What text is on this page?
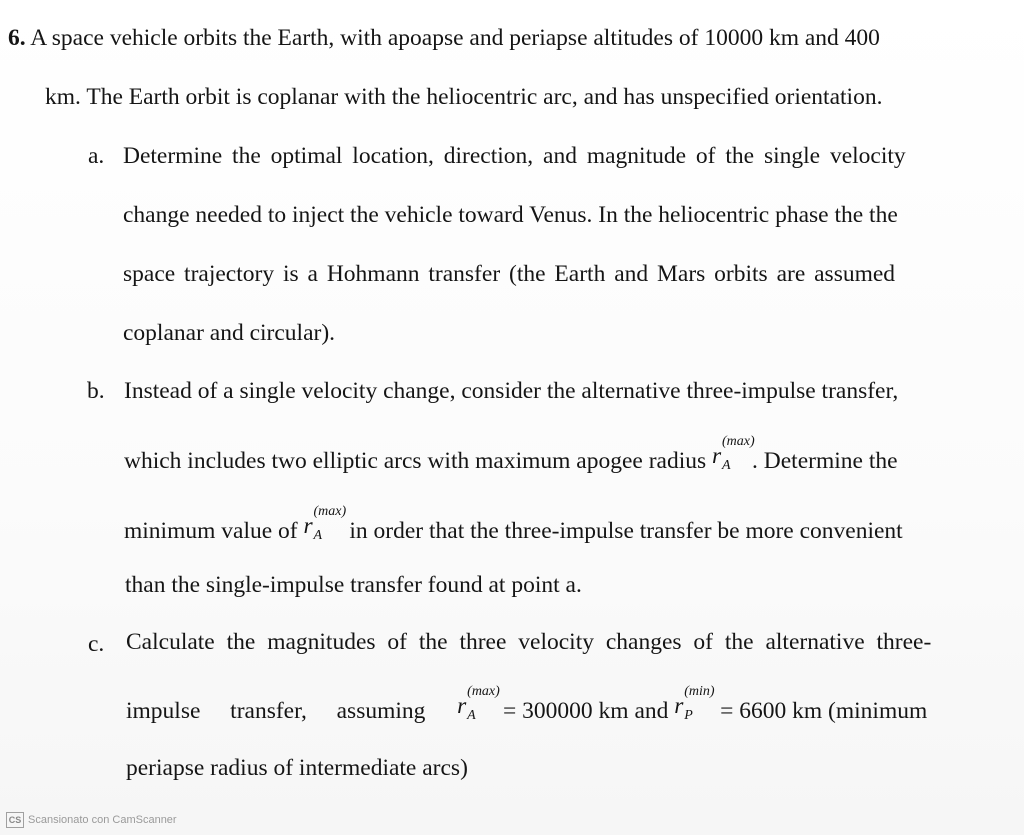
6. A space vehicle orbits the Earth, with apoapse and periapse altitudes of 10000 km and 400
km. The Earth orbit is coplanar with the heliocentric arc, and has unspecified orientation.
a. Determine the optimal location, direction, and magnitude of the single velocity
change needed to inject the vehicle toward Venus. In the heliocentric phase the the
space trajectory is a Hohmann transfer (the Earth and Mars orbits are assumed
coplanar and circular).
b. Instead of a single velocity change, consider the alternative three-impulse transfer,
which includes two elliptic arcs with maximum apogee radius r
(max)
A . Determine the
minimum value of r
(max)
A in order that the three-impulse transfer be more convenient
than the single-impulse transfer found at point a.
c. Calculate the magnitudes of the three velocity changes of the alternative three-
impulse transfer, assuming r
(max)
A = 300000 km and r
(min)
P = 6600 km (minimum
periapse radius of intermediate arcs)
CS Scansionato con CamScanner
